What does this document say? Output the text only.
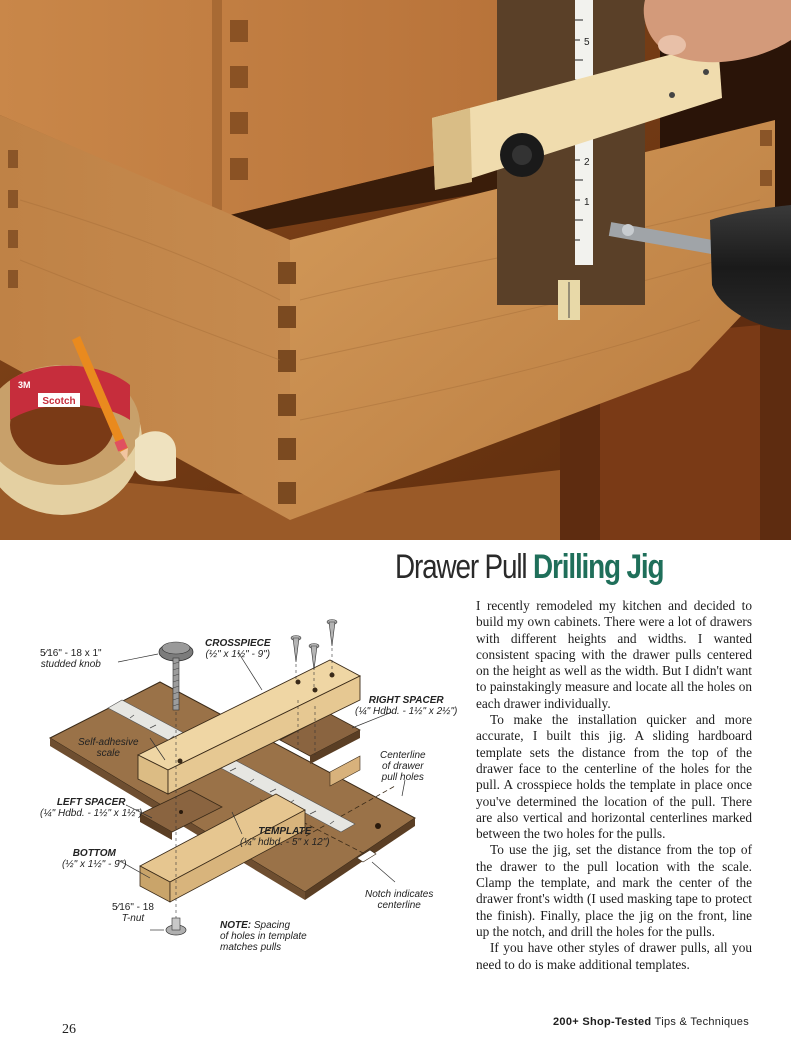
Scotch
3M
5
2
1
Drawer Pull Drilling Jig
5⁄16" - 18 x 1"
studded knob
CROSSPIECE
(½" x 1½" - 9")
RIGHT SPACER
(¼" Hdbd. - 1½" x 2½")
Self-adhesive
scale	Centerline
of drawer
pull holes
LEFT SPACER
(¼" Hdbd. - 1½" x 1½")
TEMPLATE
(¼" hdbd. - 5" x 12")
BOTTOM
(½" x 1½" - 9")
Notch indicates
centerline
5⁄16" - 18
T-nut
NOTE: Spacing
of holes in template
matches pulls

I recently remodeled my kitchen and decided to build my own cabinets. There were a lot of drawers with different heights and widths. I wanted consistent spacing with the drawer pulls centered on the height as well as the width. But I didn't want to painstakingly measure and locate all the holes on each drawer individually.

To make the installation quicker and more accurate, I built this jig. A sliding hardboard template sets the distance from the top of the drawer face to the centerline of the holes for the pull. A crosspiece holds the template in place once you've determined the location of the pull. There are also vertical and horizontal centerlines marked between the two holes for the pulls.

To use the jig, set the distance from the top of the drawer to the pull location with the scale. Clamp the template, and mark the center of the drawer front's width (I used masking tape to protect the finish). Finally, place the jig on the front, line up the notch, and drill the holes for the pulls.

If you have other styles of drawer pulls, all you need to do is make additional templates.

26	200+ Shop-Tested Tips & Techniques
